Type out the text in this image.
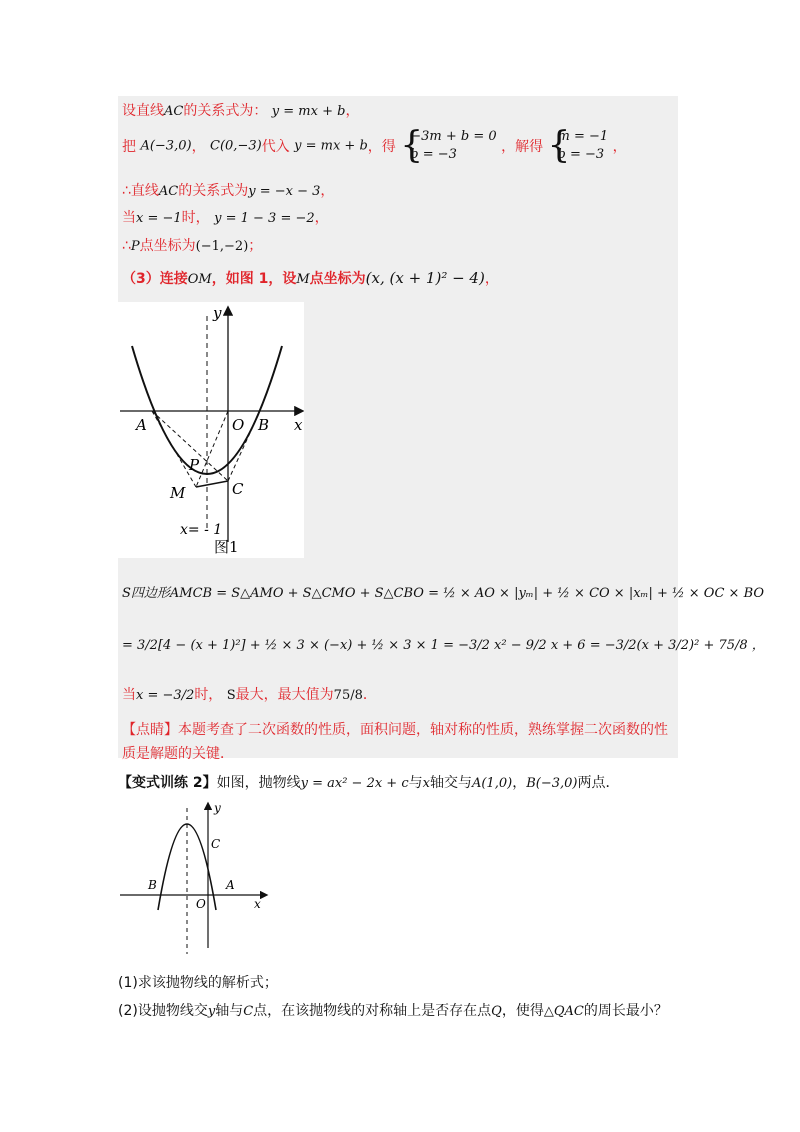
设直线AC的关系式为： y = mx + b，
把 A(−3,0)， C(0,−3)代入 y = mx + b，得 {
−3m + b = 0
b = −3	，解得 {
m = −1
b = −3 ，
∴直线AC的关系式为y = −x − 3，
当x = −1时， y = 1 − 3 = −2，
∴P点坐标为(−1,−2)；
（3）连接OM，如图 1，设M点坐标为(x, (x + 1)² − 4)，
y
x
A	O B
P
M	C
x= - 1
图1
S四边形AMCB = S△AMO + S△CMO + S△CBO = ½ × AO × |yₘ| + ½ × CO × |xₘ| + ½ × OC × BO
= 3/2[4 − (x + 1)²] + ½ × 3 × (−x) + ½ × 3 × 1 = −3/2 x² − 9/2 x + 6 = −3/2(x + 3/2)² + 75/8 ，
当x = −3/2时， S最大，最大值为75/8．
【点睛】本题考查了二次函数的性质，面积问题，轴对称的性质，熟练掌握二次函数的性
质是解题的关键．
【变式训练 2】如图，抛物线y = ax² − 2x + c与x轴交与A(1,0)，B(−3,0)两点．
y
x
C
B	A
O
(1)求该抛物线的解析式；
(2)设抛物线交y轴与C点，在该抛物线的对称轴上是否存在点Q，使得△QAC的周长最小？
